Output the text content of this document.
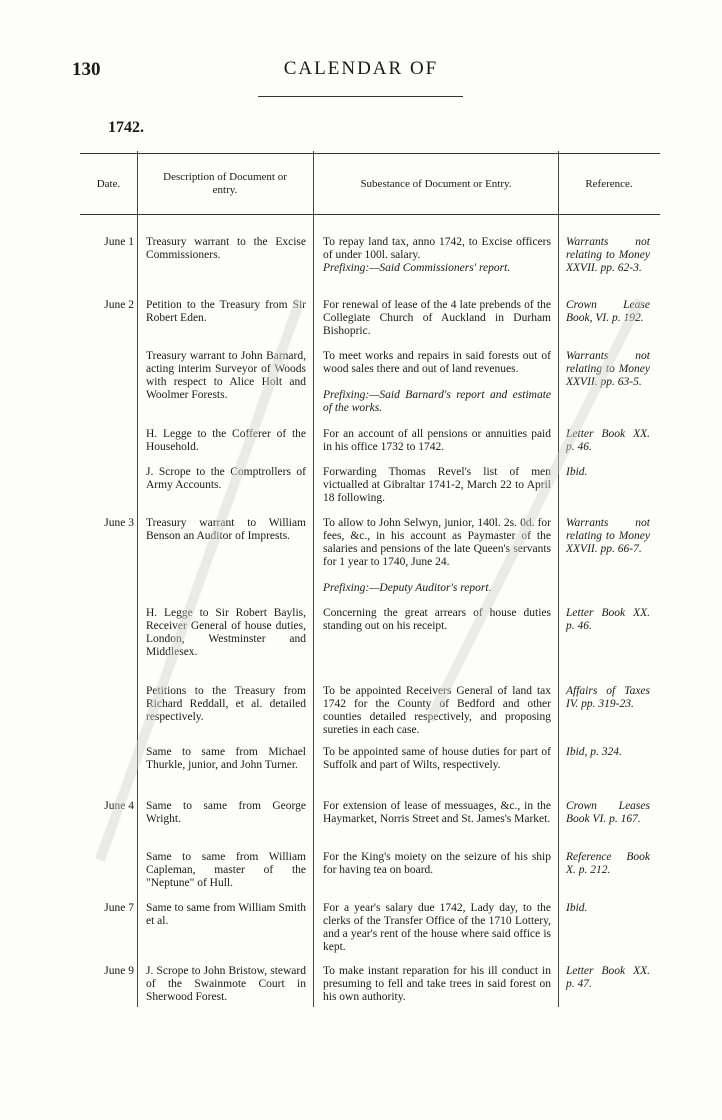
130	CALENDAR OF
1742.
Date.
Description of Document or entry.
Subestance of Document or Entry.	Reference.
June 1 Treasury warrant to the Excise Commissioners.
To repay land tax, anno 1742, to Excise officers of under 100l. salary.
Prefixing:—Said Commissioners' report.
Warrants not relating to Money XXVII. pp. 62-3.
June 2 Petition to the Treasury from Sir Robert Eden.
For renewal of lease of the 4 late prebends of the Collegiate Church of Auckland in Durham Bishopric.
Crown Lease Book, VI. p. 192.
Treasury warrant to John Barnard, acting interim Surveyor of Woods with respect to Alice Holt and Woolmer Forests.
To meet works and repairs in said forests out of wood sales there and out of land revenues.
Prefixing:—Said Barnard's report and estimate of the works.
Warrants not relating to Money XXVII. pp. 63-5.
H. Legge to the Cofferer of the Household.
For an account of all pensions or annuities paid in his office 1732 to 1742.
Letter Book XX. p. 46.
J. Scrope to the Comptrollers of Army Accounts.
Forwarding Thomas Revel's list of men victualled at Gibraltar 1741-2, March 22 to April 18 following.
Ibid.
June 3 Treasury warrant to William Benson an Auditor of Imprests.
To allow to John Selwyn, junior, 140l. 2s. 0d. for fees, &c., in his account as Paymaster of the salaries and pensions of the late Queen's servants for 1 year to 1740, June 24.
Prefixing:—Deputy Auditor's report.
Warrants not relating to Money XXVII. pp. 66-7.
H. Legge to Sir Robert Baylis, Receiver General of house duties, London, Westminster and Middlesex.
Concerning the great arrears of house duties standing out on his receipt.
Letter Book XX. p. 46.
Petitions to the Treasury from Richard Reddall, et al. detailed respectively.
To be appointed Receivers General of land tax 1742 for the County of Bedford and other counties detailed respectively, and proposing sureties in each case.
Affairs of Taxes IV. pp. 319-23.
Same to same from Michael Thurkle, junior, and John Turner.
To be appointed same of house duties for part of Suffolk and part of Wilts, respectively.
Ibid, p. 324.
June 4 Same to same from George Wright.
For extension of lease of messuages, &c., in the Haymarket, Norris Street and St. James's Market.
Crown Leases Book VI. p. 167.
Same to same from William Capleman, master of the "Neptune" of Hull.
For the King's moiety on the seizure of his ship for having tea on board.
Reference Book X. p. 212.
June 7 Same to same from William Smith et al.
For a year's salary due 1742, Lady day, to the clerks of the Transfer Office of the 1710 Lottery, and a year's rent of the house where said office is kept.
Ibid.
June 9 J. Scrope to John Bristow, steward of the Swainmote Court in Sherwood Forest.
To make instant reparation for his ill conduct in presuming to fell and take trees in said forest on his own authority.
Letter Book XX. p. 47.
